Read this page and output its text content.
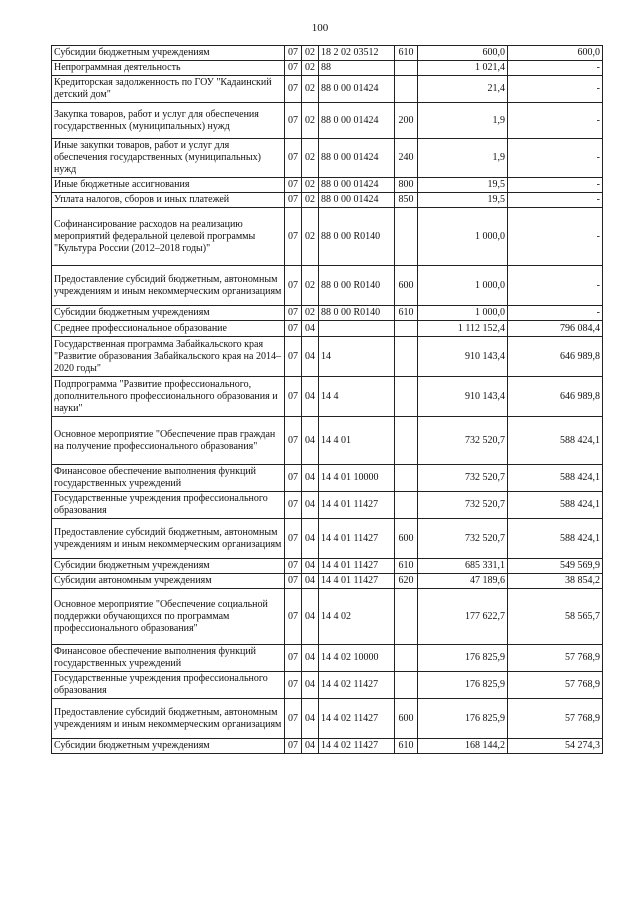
100
Субсидии бюджетным учреждениям	07	02	18 2 02 03512	610	600,0	600,0
Непрограммная деятельность	07	02	88		1 021,4	-
Кредиторская задолженность по ГОУ "Кадаинский детский дом"	07	02	88 0 00 01424		21,4	-
Закупка товаров, работ и услуг для обеспечения государственных (муниципальных) нужд	07	02	88 0 00 01424	200	1,9	-
Иные закупки товаров, работ и услуг для обеспечения государственных (муниципальных) нужд	07	02	88 0 00 01424	240	1,9	-
Иные бюджетные ассигнования	07	02	88 0 00 01424	800	19,5	-
Уплата налогов, сборов и иных платежей	07	02	88 0 00 01424	850	19,5	-
Софинансирование расходов на реализацию мероприятий федеральной целевой программы "Культура России (2012–2018 годы)"	07	02	88 0 00 R0140		1 000,0	-
Предоставление субсидий бюджетным, автономным учреждениям и иным некоммерческим организациям	07	02	88 0 00 R0140	600	1 000,0	-
Субсидии бюджетным учреждениям	07	02	88 0 00 R0140	610	1 000,0	-
Среднее профессиональное образование	07	04			1 112 152,4	796 084,4
Государственная программа Забайкальского края "Развитие образования Забайкальского края на 2014–2020 годы"	07	04	14		910 143,4	646 989,8
Подпрограмма "Развитие профессионального, дополнительного профессионального образования и науки"	07	04	14 4		910 143,4	646 989,8
Основное мероприятие "Обеспечение прав граждан на получение профессионального образования"	07	04	14 4 01		732 520,7	588 424,1
Финансовое обеспечение выполнения функций государственных учреждений	07	04	14 4 01 10000		732 520,7	588 424,1
Государственные учреждения профессионального образования	07	04	14 4 01 11427		732 520,7	588 424,1
Предоставление субсидий бюджетным, автономным учреждениям и иным некоммерческим организациям	07	04	14 4 01 11427	600	732 520,7	588 424,1
Субсидии бюджетным учреждениям	07	04	14 4 01 11427	610	685 331,1	549 569,9
Субсидии автономным учреждениям	07	04	14 4 01 11427	620	47 189,6	38 854,2
Основное мероприятие "Обеспечение социальной поддержки обучающихся по программам профессионального образования"	07	04	14 4 02		177 622,7	58 565,7
Финансовое обеспечение выполнения функций государственных учреждений	07	04	14 4 02 10000		176 825,9	57 768,9
Государственные учреждения профессионального образования	07	04	14 4 02 11427		176 825,9	57 768,9
Предоставление субсидий бюджетным, автономным учреждениям и иным некоммерческим организациям	07	04	14 4 02 11427	600	176 825,9	57 768,9
Субсидии бюджетным учреждениям	07	04	14 4 02 11427	610	168 144,2	54 274,3
